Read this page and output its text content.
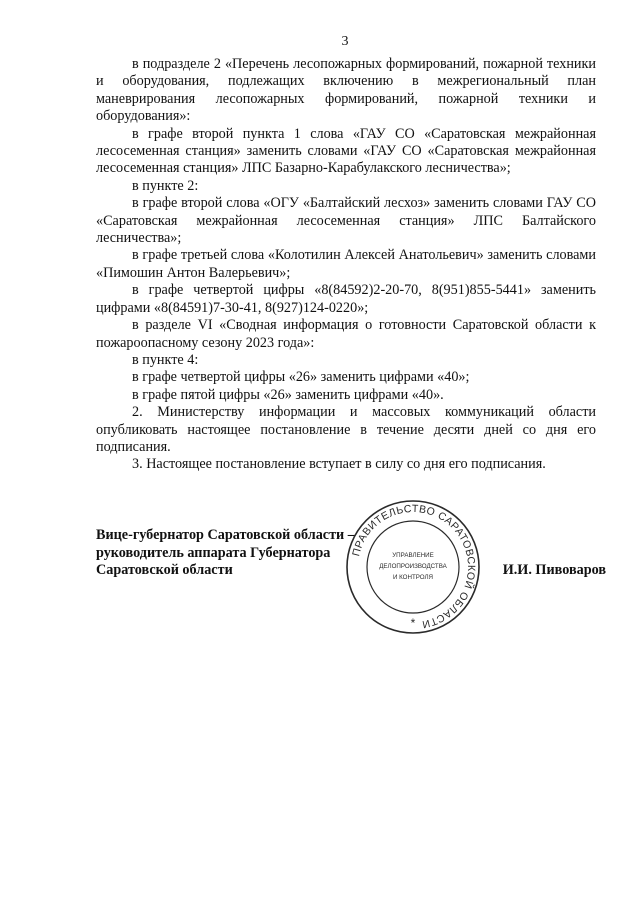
3

в подразделе 2 «Перечень лесопожарных формирований, пожарной техники и оборудования, подлежащих включению в межрегиональный план маневрирования лесопожарных формирований, пожарной техники и оборудования»:

в графе второй пункта 1 слова «ГАУ СО «Саратовская межрайонная лесосеменная станция» заменить словами «ГАУ СО «Саратовская межрайонная лесосеменная станция» ЛПС Базарно-Карабулакского лесничества»;

в пункте 2:

в графе второй слова «ОГУ «Балтайский лесхоз» заменить словами ГАУ СО «Саратовская межрайонная лесосеменная станция» ЛПС Балтайского лесничества»;

в графе третьей слова «Колотилин Алексей Анатольевич» заменить словами «Пимошин Антон Валерьевич»;

в графе четвертой цифры «8(84592)2-20-70, 8(951)855-5441» заменить цифрами «8(84591)7-30-41, 8(927)124-0220»;

в разделе VI «Сводная информация о готовности Саратовской области к пожароопасному сезону 2023 года»:

в пункте 4:

в графе четвертой цифры «26» заменить цифрами «40»;

в графе пятой цифры «26» заменить цифрами «40».

2. Министерству информации и массовых коммуникаций области опубликовать настоящее постановление в течение десяти дней со дня его подписания.

3. Настоящее постановление вступает в силу со дня его подписания.

Вице-губернатор Саратовской области –
руководитель аппарата Губернатора
Саратовской области	И.И. Пивоваров
ПРАВИТЕЛЬСТВО САРАТОВСКОЙ ОБЛАСТИ
УПРАВЛЕНИЕ
ДЕЛОПРОИЗВОДСТВА
И КОНТРОЛЯ
*
